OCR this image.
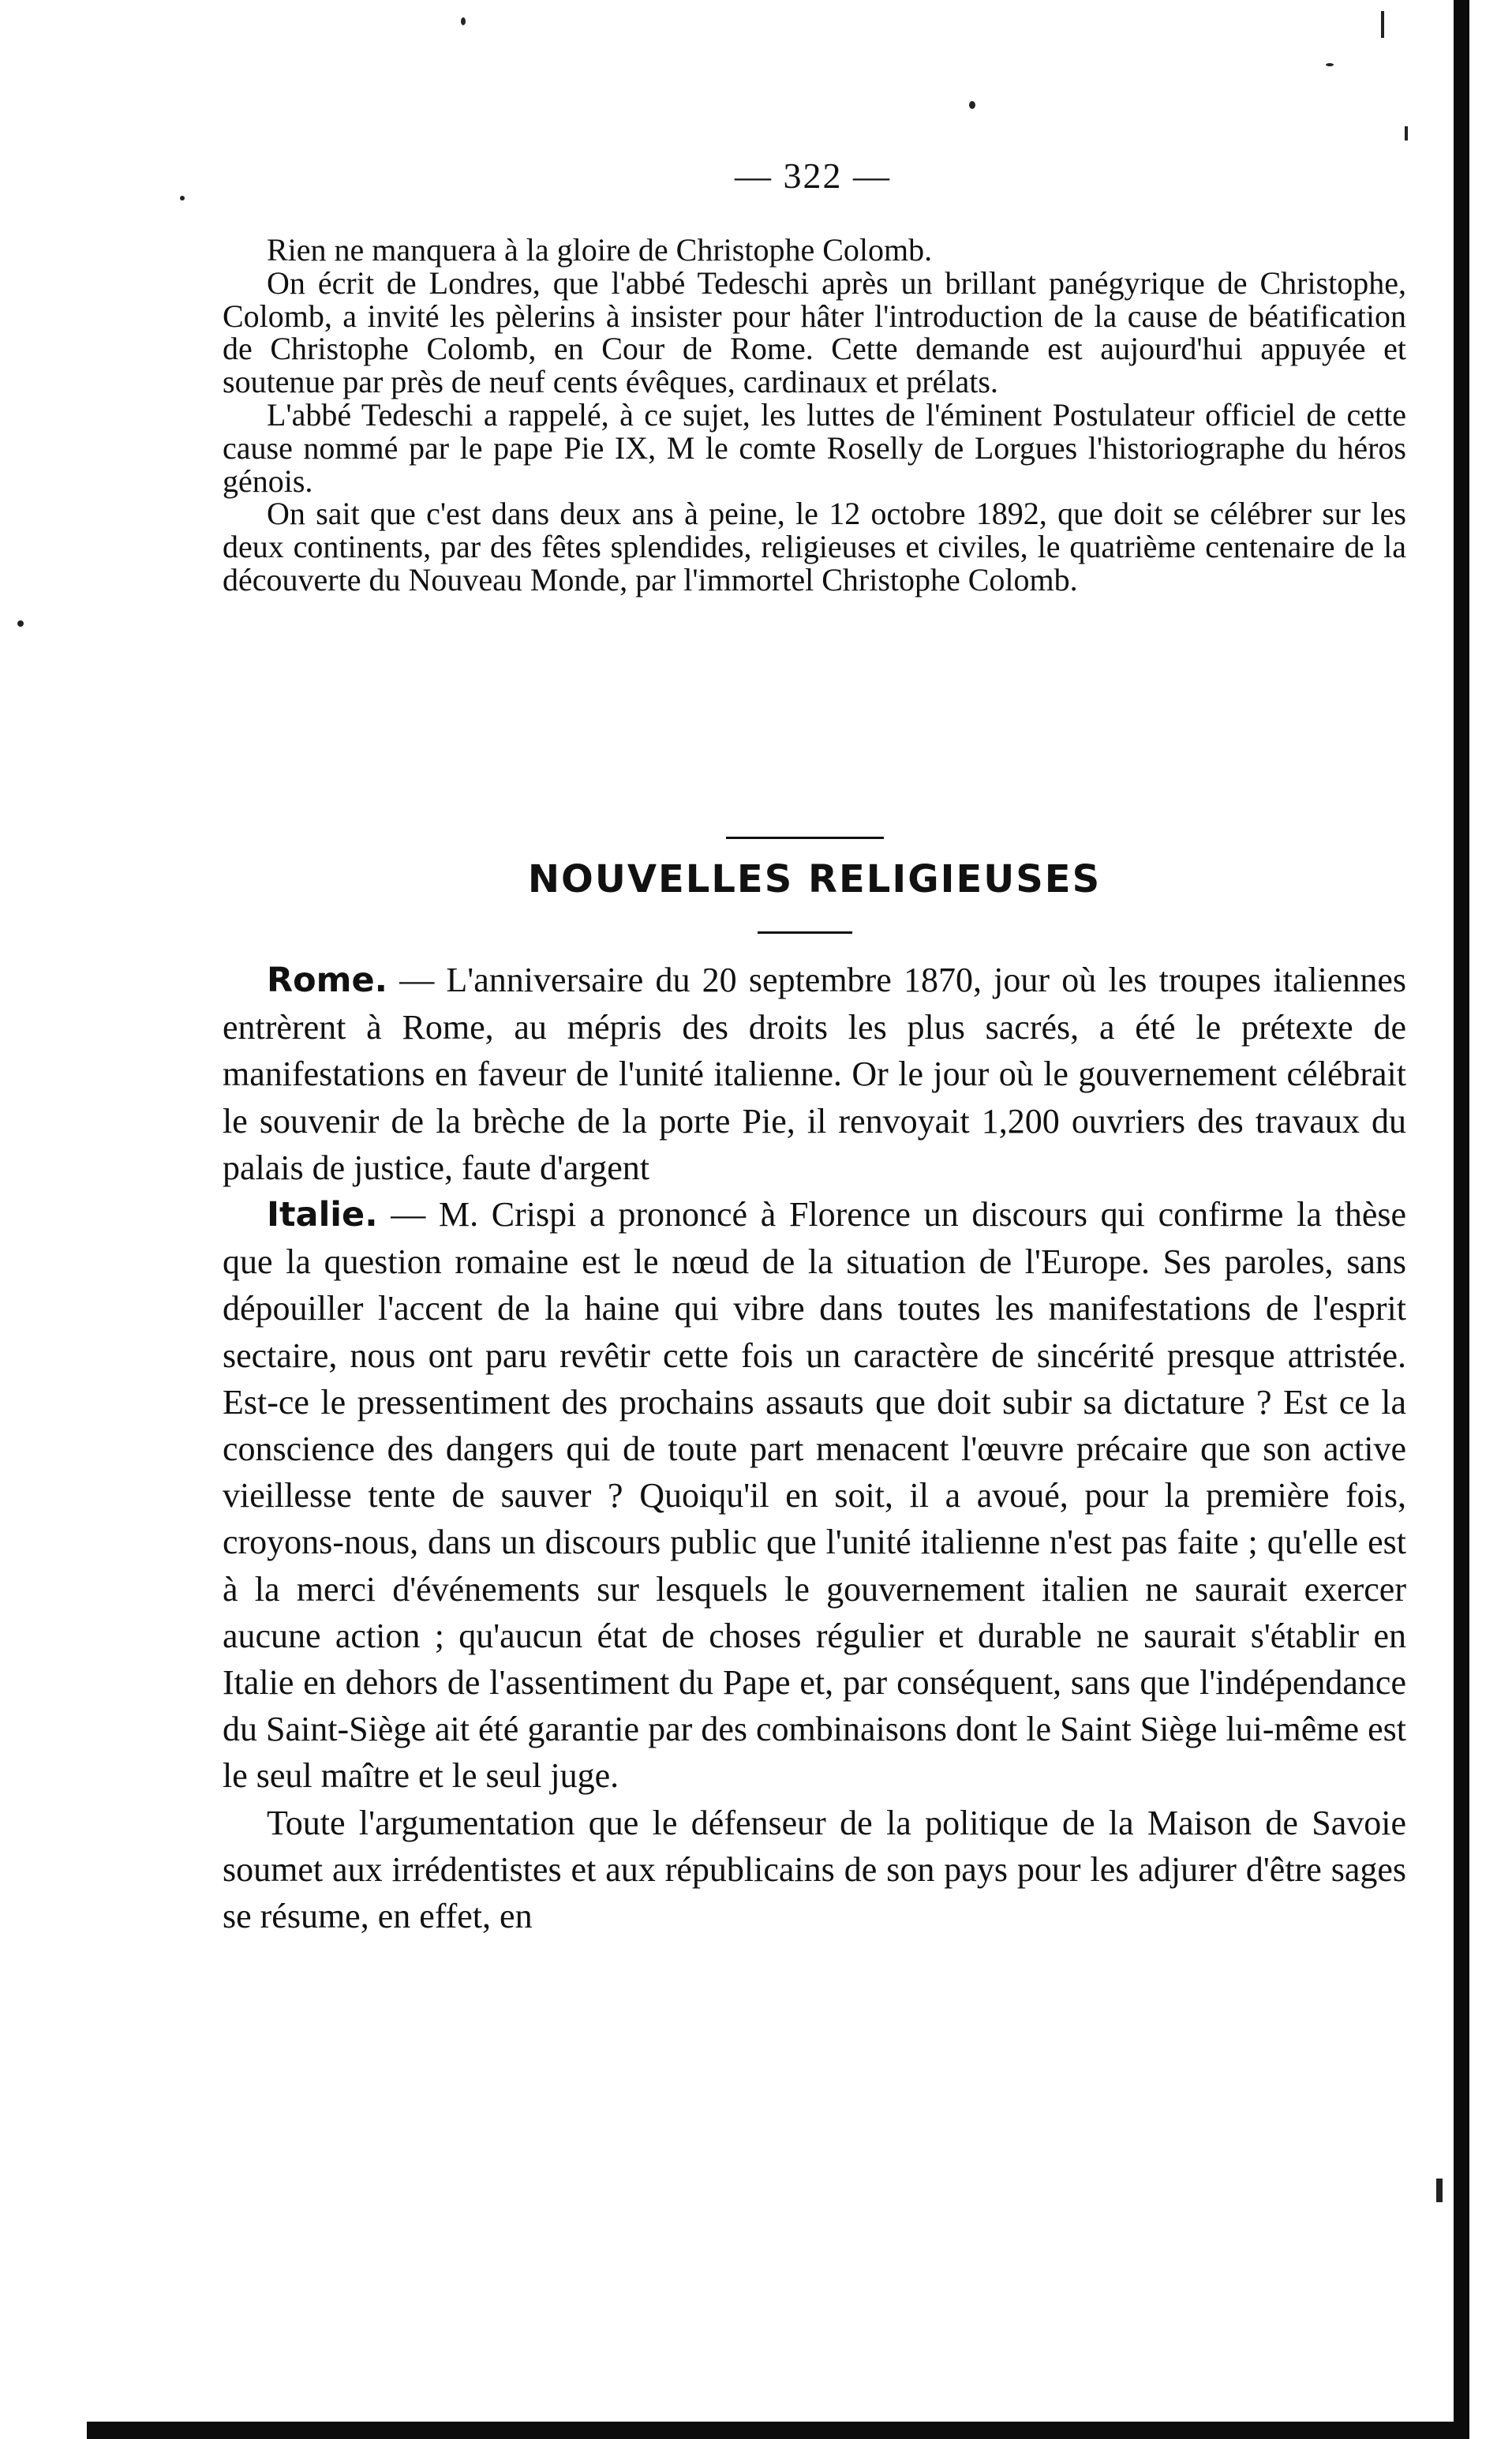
— 322 —

Rien ne manquera à la gloire de Christophe Colomb.

On écrit de Londres, que l'abbé Tedeschi après un brillant panégyrique de Christophe, Colomb, a invité les pèlerins à insister pour hâter l'introduction de la cause de béatification de Christophe Colomb, en Cour de Rome. Cette demande est aujourd'hui appuyée et soutenue par près de neuf cents évêques, cardinaux et prélats.

L'abbé Tedeschi a rappelé, à ce sujet, les luttes de l'éminent Postulateur officiel de cette cause nommé par le pape Pie IX, M le comte Roselly de Lorgues l'historiographe du héros génois.

On sait que c'est dans deux ans à peine, le 12 octobre 1892, que doit se célébrer sur les deux continents, par des fêtes splendides, religieuses et civiles, le quatrième centenaire de la découverte du Nouveau Monde, par l'immortel Christophe Colomb.

NOUVELLES RELIGIEUSES

Rome. — L'anniversaire du 20 septembre 1870, jour où les troupes italiennes entrèrent à Rome, au mépris des droits les plus sacrés, a été le prétexte de manifestations en faveur de l'unité italienne. Or le jour où le gouvernement célébrait le souvenir de la brèche de la porte Pie, il renvoyait 1,200 ouvriers des travaux du palais de justice, faute d'argent

Italie. — M. Crispi a prononcé à Florence un discours qui confirme la thèse que la question romaine est le nœud de la situation de l'Europe. Ses paroles, sans dépouiller l'accent de la haine qui vibre dans toutes les manifestations de l'esprit sectaire, nous ont paru revêtir cette fois un caractère de sincérité presque attristée. Est-ce le pressentiment des prochains assauts que doit subir sa dictature ? Est ce la conscience des dangers qui de toute part menacent l'œuvre précaire que son active vieillesse tente de sauver ? Quoiqu'il en soit, il a avoué, pour la première fois, croyons-nous, dans un discours public que l'unité italienne n'est pas faite ; qu'elle est à la merci d'événements sur lesquels le gouvernement italien ne saurait exercer aucune action ; qu'aucun état de choses régulier et durable ne saurait s'établir en Italie en dehors de l'assentiment du Pape et, par conséquent, sans que l'indépendance du Saint-Siège ait été garantie par des combinaisons dont le Saint Siège lui-même est le seul maître et le seul juge.

Toute l'argumentation que le défenseur de la politique de la Maison de Savoie soumet aux irrédentistes et aux républicains de son pays pour les adjurer d'être sages se résume, en effet, en
